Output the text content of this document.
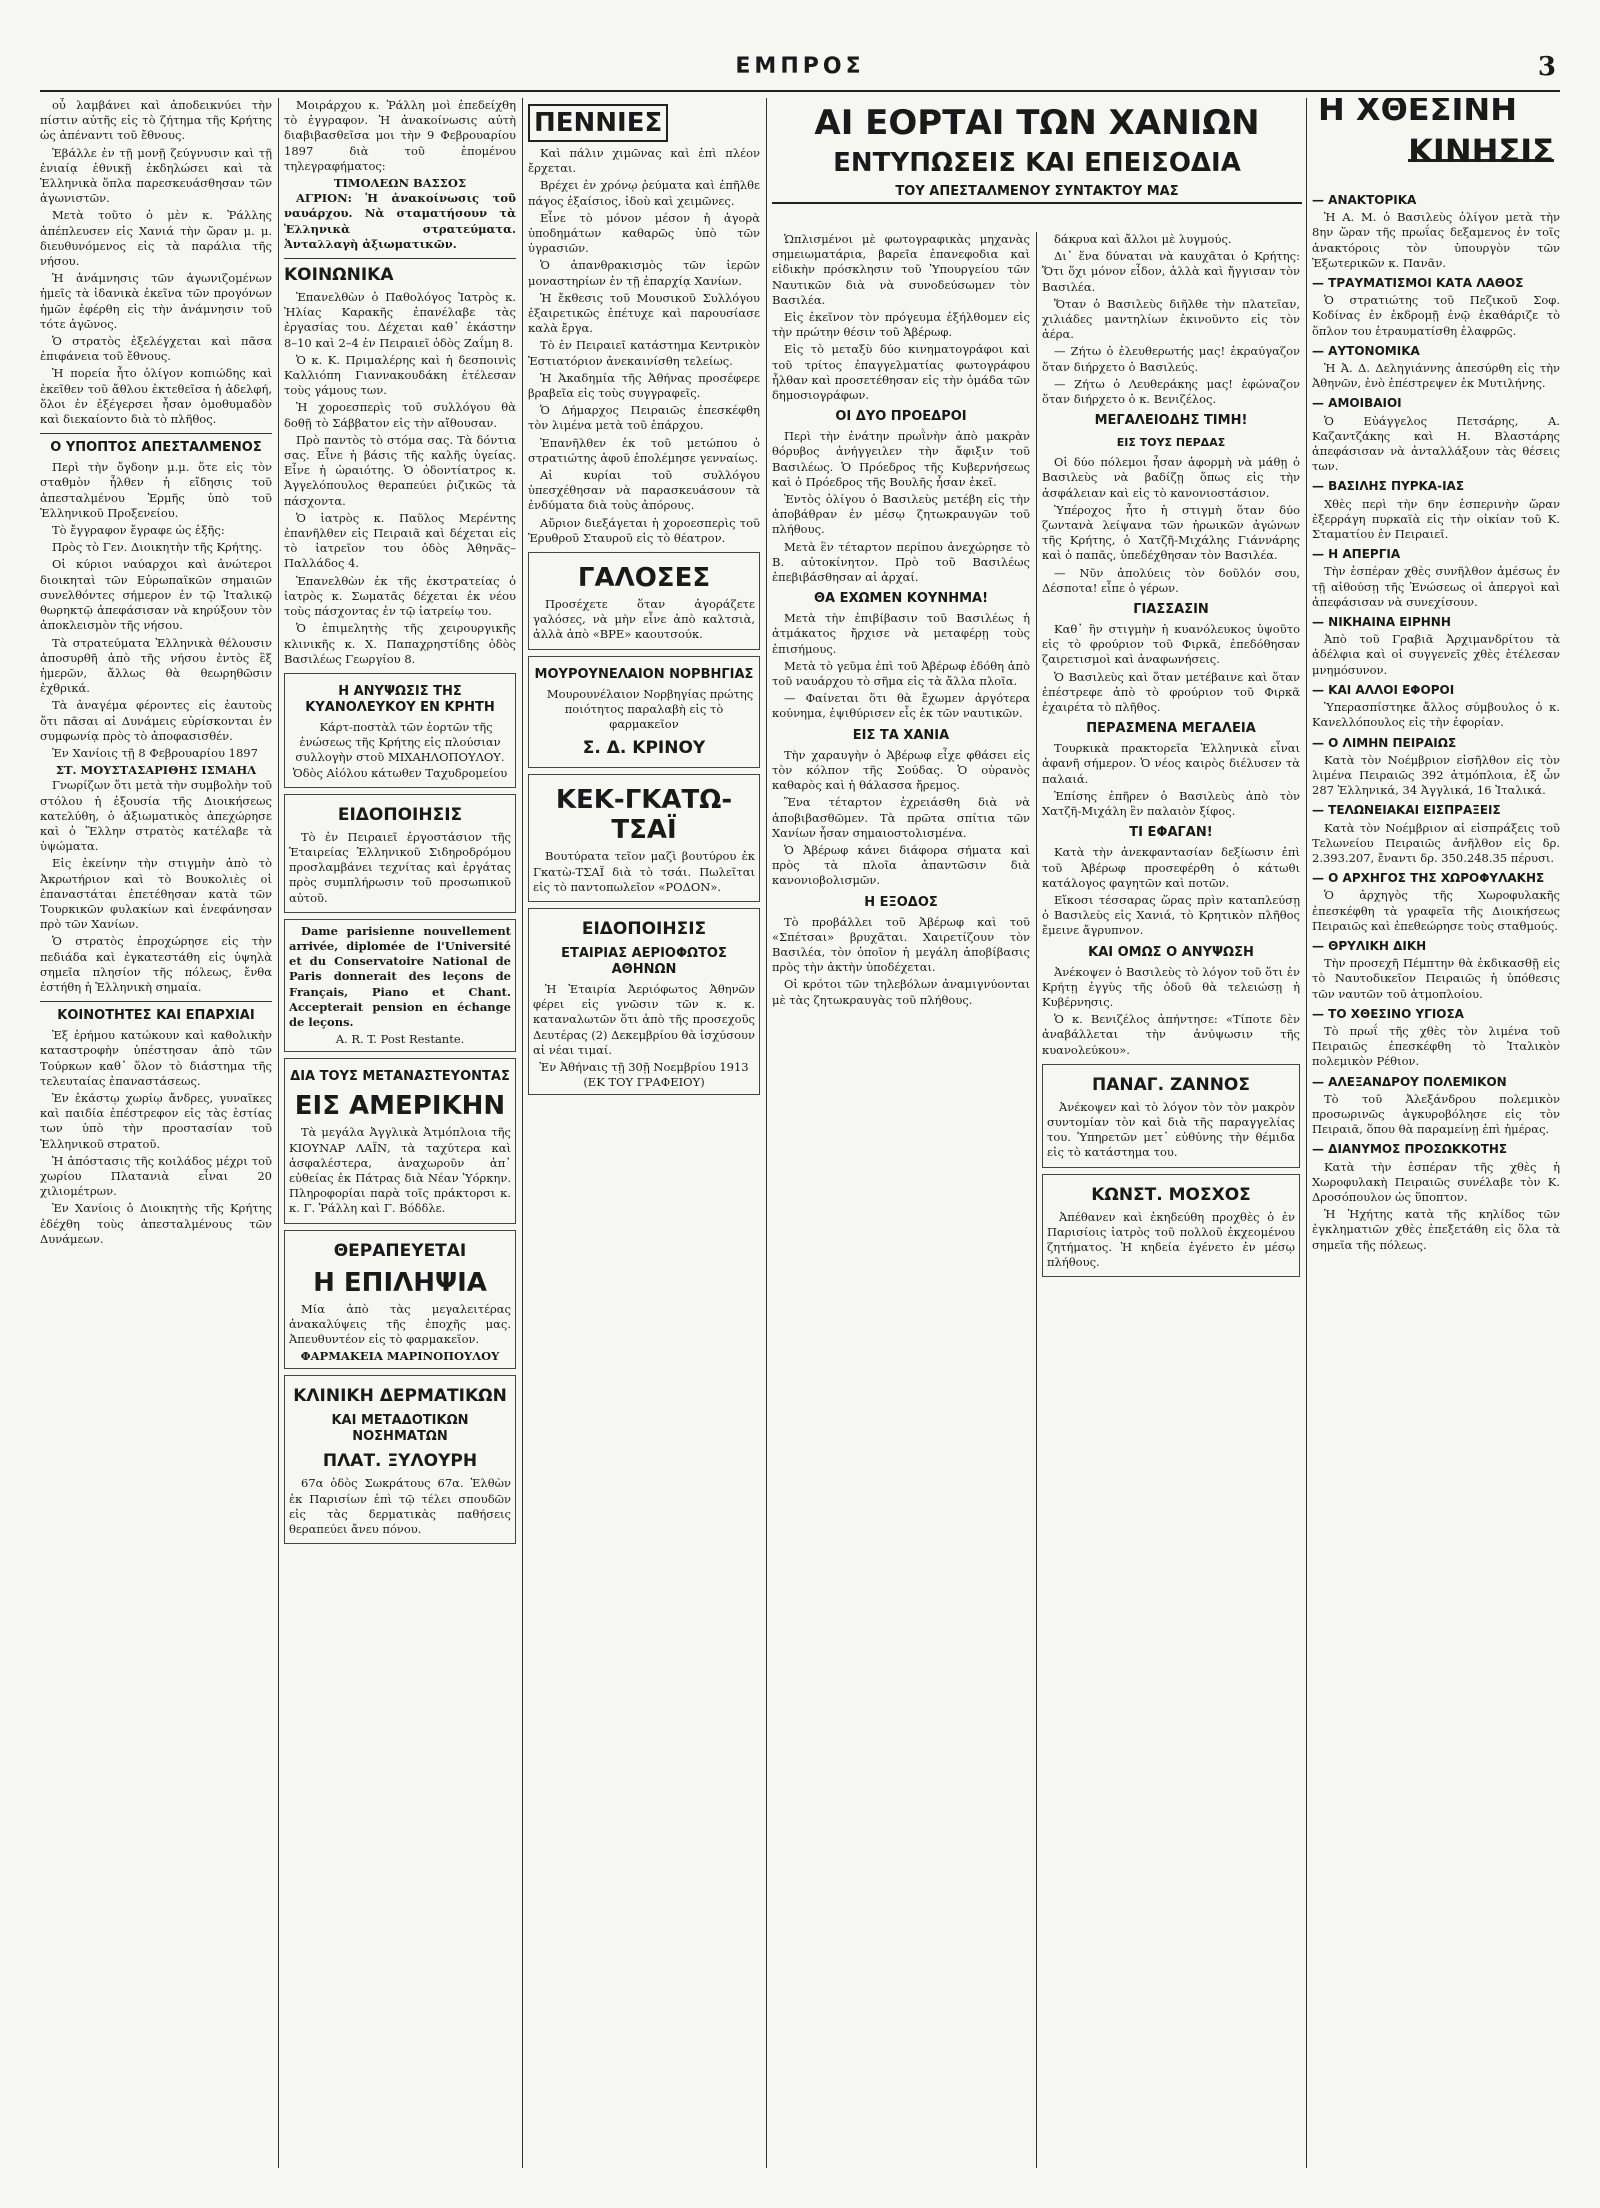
ΕΜΠΡΟΣ	3

οὖ λαμβάνει καὶ ἀποδεικνύει τὴν πίστιν αὐτῆς εἰς τὸ ζήτημα τῆς Κρήτης ὡς ἀπέναντι τοῦ ἔθνους.

Ἐβάλλε ἐν τῇ μονῇ ζεύγνυσιν καὶ τῇ ἐνιαίᾳ ἐθνικῇ ἐκδηλώσει καὶ τὰ Ἑλληνικὰ ὅπλα παρεσκευάσθησαν τῶν ἀγωνιστῶν.

Μετὰ τοῦτο ὁ μὲν κ. Ῥάλλης ἀπέπλευσεν εἰς Χανιά τὴν ὥραν μ. μ. διευθυνόμενος εἰς τὰ παράλια τῆς νήσου.

Ἡ ἀνάμνησις τῶν ἀγωνιζομένων ἡμεῖς τὰ ἰδανικὰ ἐκεῖνα τῶν προγόνων ἡμῶν ἐφέρθη εἰς τὴν ἀνάμνησιν τοῦ τότε ἀγῶνος.

Ὁ στρατὸς ἐξελέγχεται καὶ πᾶσα ἐπιφάνεια τοῦ ἔθνους.

Ἡ πορεία ἦτο ὀλίγον κοπιώδης καὶ ἐκεῖθεν τοῦ ἄθλου ἐκτεθεῖσα ἡ ἀδελφή, ὅλοι ἐν ἐξέγερσει ἦσαν ὁμοθυμαδὸν καὶ διεκαίοντο διὰ τὸ πλῆθος.

Ο ΥΠΟΠΤΟΣ ΑΠΕΣΤΑΛΜΕΝΟΣ

Περὶ τὴν ὄγδοην μ.μ. ὅτε εἰς τὸν σταθμὸν ἦλθεν ἡ εἴδησις τοῦ ἀπεσταλμένου Ἑρμῆς ὑπὸ τοῦ Ἑλληνικοῦ Προξενείου.

Τὸ ἔγγραφον ἔγραφε ὡς ἑξῆς:

Πρὸς τὸ Γεν. Διοικητὴν τῆς Κρήτης.

Οἱ κύριοι ναύαρχοι καὶ ἀνώτεροι διοικηταὶ τῶν Εὐρωπαϊκῶν σημαιῶν συνελθόντες σήμερον ἐν τῷ Ἰταλικῷ θωρηκτῷ ἀπεφάσισαν νὰ κηρύξουν τὸν ἀποκλεισμὸν τῆς νήσου.

Τὰ στρατεύματα Ἑλληνικὰ θέλουσιν ἀποσυρθῆ ἀπὸ τῆς νήσου ἐντὸς ἓξ ἡμερῶν, ἄλλως θὰ θεωρηθῶσιν ἐχθρικά.

Τὰ ἀναγέμα φέροντες εἰς ἑαυτοὺς ὅτι πᾶσαι αἱ Δυνάμεις εὑρίσκονται ἐν συμφωνίᾳ πρὸς τὸ ἀποφασισθέν.

Ἐν Χανίοις τῇ 8 Φεβρουαρίου 1897

ΣΤ. ΜΟΥΣΤΑΣΑΡΙΘΗΣ ΙΣΜΑΗΛ

Γνωρίζων ὅτι μετὰ τὴν συμβολὴν τοῦ στόλου ἡ ἐξουσία τῆς Διοικήσεως κατελύθη, ὁ ἀξιωματικὸς ἀπεχώρησε καὶ ὁ Ἕλλην στρατὸς κατέλαβε τὰ ὑψώματα.

Εἰς ἐκείνην τὴν στιγμὴν ἀπὸ τὸ Ἀκρωτήριον καὶ τὸ Βουκολιὲς οἱ ἐπαναστάται ἐπετέθησαν κατὰ τῶν Τουρκικῶν φυλακίων καὶ ἐνεφάνησαν πρὸ τῶν Χανίων.

Ὁ στρατὸς ἐπροχώρησε εἰς τὴν πεδιάδα καὶ ἐγκατεστάθη εἰς ὑψηλὰ σημεῖα πλησίον τῆς πόλεως, ἔνθα ἐστήθη ἡ Ἑλληνικὴ σημαία.

ΚΟΙΝΟΤΗΤΕΣ ΚΑΙ ΕΠΑΡΧΙΑΙ

Ἐξ ἐρήμου κατώκουν καὶ καθολικὴν καταστροφὴν ὑπέστησαν ἀπὸ τῶν Τούρκων καθ᾽ ὅλον τὸ διάστημα τῆς τελευταίας ἐπαναστάσεως.

Ἐν ἐκάστῳ χωρίῳ ἄνδρες, γυναῖκες καὶ παιδία ἐπέστρεφον εἰς τὰς ἑστίας των ὑπὸ τὴν προστασίαν τοῦ Ἑλληνικοῦ στρατοῦ.

Ἡ ἀπόστασις τῆς κοιλάδος μέχρι τοῦ χωρίου Πλατανιὰ εἶναι 20 χιλιομέτρων.

Ἐν Χανίοις ὁ Διοικητὴς τῆς Κρήτης ἐδέχθη τοὺς ἀπεσταλμένους τῶν Δυνάμεων.

Μοιράρχου κ. Ῥάλλη μοὶ ἐπεδείχθη τὸ ἐγγραφον. Ἡ ἀνακοίνωσις αὐτὴ διαβιβασθεῖσα μοι τὴν 9 Φεβρουαρίου 1897 διὰ τοῦ ἑπομένου τηλεγραφήματος:

ΤΙΜΟΛΕΩΝ ΒΑΣΣΟΣ

ΑΓΡΙΟΝ: Ἡ ἀνακοίνωσις τοῦ ναυάρχου. Νὰ σταματήσουν τὰ Ἑλληνικὰ στρατεύματα. Ἀνταλλαγὴ ἀξιωματικῶν.

ΚΟΙΝΩΝΙΚΑ

Ἐπανελθὼν ὁ Παθολόγος Ἰατρὸς κ. Ἠλίας Καρακῆς ἐπανέλαβε τὰς ἐργασίας του. Δέχεται καθ᾽ ἑκάστην 8–10 καὶ 2–4 ἐν Πειραιεῖ ὁδὸς Ζαΐμη 8.

Ὁ κ. Κ. Πριμαλέρης καὶ ἡ δεσποινὶς Καλλιόπη Γιαννακουδάκη ἐτέλεσαν τοὺς γάμους των.

Ἡ χοροεσπερὶς τοῦ συλλόγου θὰ δοθῇ τὸ Σάββατον εἰς τὴν αἴθουσαν.

Πρὸ παντὸς τὸ στόμα σας. Τὰ δόντια σας. Εἶνε ἡ βάσις τῆς καλῆς ὑγείας. Εἶνε ἡ ὡραιότης. Ὁ ὀδοντίατρος κ. Ἀγγελόπουλος θεραπεύει ῥιζικῶς τὰ πάσχοντα.

Ὁ ἰατρὸς κ. Παῦλος Μερέντης ἐπανῆλθεν εἰς Πειραιᾶ καὶ δέχεται εἰς τὸ ἰατρεῖον του ὁδὸς Ἀθηνᾶς–Παλλάδος 4.

Ἐπανελθὼν ἐκ τῆς ἐκστρατείας ὁ ἰατρὸς κ. Σωματᾶς δέχεται ἐκ νέου τοὺς πάσχοντας ἐν τῷ ἰατρείῳ του.

Ὁ ἐπιμελητὴς τῆς χειρουργικῆς κλινικῆς κ. Χ. Παπαχρηστίδης ὁδὸς Βασιλέως Γεωργίου 8.

Η ΑΝΥΨΩΣΙΣ ΤΗΣ ΚΥΑΝΟΛΕΥΚΟΥ ΕΝ ΚΡΗΤΗ

Κάρτ-ποστὰλ τῶν ἑορτῶν τῆς ἑνώσεως τῆς Κρήτης εἰς πλούσιαν συλλογὴν στοῦ ΜΙΧΑΗΛΟΠΟΥΛΟΥ. Ὁδὸς Αἰόλου κάτωθεν Ταχυδρομείου

ΕΙΔΟΠΟΙΗΣΙΣ

Τὸ ἐν Πειραιεῖ ἐργοστάσιον τῆς Ἑταιρείας Ἑλληνικοῦ Σιδηροδρόμου προσλαμβάνει τεχνίτας καὶ ἐργάτας πρὸς συμπλήρωσιν τοῦ προσωπικοῦ αὐτοῦ.

Dame parisienne nouvellement arrivée, diplomée de l'Université et du Conservatoire National de Paris donnerait des leçons de Français, Piano et Chant. Accepterait pension en échange de leçons.

A. R. T. Post Restante.
ΔΙΑ ΤΟΥΣ ΜΕΤΑΝΑΣΤΕΥΟΝΤΑΣ
ΕΙΣ ΑΜΕΡΙΚΗΝ

Τὰ μεγάλα Ἀγγλικὰ Ἀτμόπλοια τῆς ΚΙΟΥΝΑΡ ΛΑΪΝ, τὰ ταχύτερα καὶ ἀσφαλέστερα, ἀναχωροῦν ἀπ᾽ εὐθείας ἐκ Πάτρας διὰ Νέαν Ὑόρκην. Πληροφορίαι παρὰ τοῖς πράκτορσι κ. κ. Γ. Ῥάλλη καὶ Γ. Βόδδλε.

ΘΕΡΑΠΕΥΕΤΑΙ
Η ΕΠΙΛΗΨΙΑ

Μία ἀπὸ τὰς μεγαλειτέρας ἀνακαλύψεις τῆς ἐποχῆς μας. Ἀπευθυντέον εἰς τὸ φαρμακεῖον.

ΦΑΡΜΑΚΕΙΑ ΜΑΡΙΝΟΠΟΥΛΟΥ
ΚΛΙΝΙΚΗ ΔΕΡΜΑΤΙΚΩΝ
ΚΑΙ ΜΕΤΑΔΟΤΙΚΩΝ ΝΟΣΗΜΑΤΩΝ
ΠΛΑΤ. ΞΥΛΟΥΡΗ

67α ὁδὸς Σωκράτους 67α. Ἐλθὼν ἐκ Παρισίων ἐπὶ τῷ τέλει σπουδῶν εἰς τὰς δερματικὰς παθήσεις θεραπεύει ἄνευ πόνου.

ΠΕΝΝΙΕΣ

Καὶ πάλιν χιμῶνας καὶ ἐπὶ πλέον ἔρχεται.

Βρέχει ἐν χρόνῳ ῥεύματα καὶ ἐπῆλθε πάγος ἐξαίσιος, ἰδοὺ καὶ χειμῶνες.

Εἶνε τὸ μόνον μέσον ἡ ἀγορὰ ὑποδημάτων καθαρῶς ὑπὸ τῶν ὑγρασιῶν.

Ὁ ἀπανθρακισμὸς τῶν ἱερῶν μοναστηρίων ἐν τῇ ἐπαρχίᾳ Χανίων.

Ἡ ἔκθεσις τοῦ Μουσικοῦ Συλλόγου ἐξαιρετικῶς ἐπέτυχε καὶ παρουσίασε καλὰ ἔργα.

Τὸ ἐν Πειραιεῖ κατάστημα Κεντρικὸν Ἑστιατόριον ἀνεκαινίσθη τελείως.

Ἡ Ἀκαδημία τῆς Ἀθήνας προσέφερε βραβεῖα εἰς τοὺς συγγραφεῖς.

Ὁ Δήμαρχος Πειραιῶς ἐπεσκέφθη τὸν λιμένα μετὰ τοῦ ἐπάρχου.

Ἐπανῆλθεν ἐκ τοῦ μετώπου ὁ στρατιώτης ἀφοῦ ἐπολέμησε γενναίως.

Αἱ κυρίαι τοῦ συλλόγου ὑπεσχέθησαν νὰ παρασκευάσουν τὰ ἐνδύματα διὰ τοὺς ἀπόρους.

Αὔριον διεξάγεται ἡ χοροεσπερὶς τοῦ Ἐρυθροῦ Σταυροῦ εἰς τὸ θέατρον.

ΓΑΛΟΣΕΣ

Προσέχετε ὅταν ἀγοράζετε γαλόσες, νὰ μὴν εἶνε ἀπὸ καλτσιὰ, ἀλλὰ ἀπὸ «ΒΡΕ» καουτσούκ.

ΜΟΥΡΟΥΝΕΛΑΙΟΝ ΝΟΡΒΗΓΙΑΣ

Μουρουνέλαιον Νορβηγίας πρώτης ποιότητος παραλαβὴ εἰς τὸ φαρμακεῖον

Σ. Δ. ΚΡΙΝΟΥ
ΚΕΚ-ΓΚΑΤΩ-ΤΣΑΪ

Βουτύρατα τεῖον μαζὶ βουτύρου ἐκ Γκατὼ-ΤΣΑΪ διὰ τὸ τσάι. Πωλεῖται εἰς τὸ παντοπωλεῖον «ΡΟΔΟΝ».

ΕΙΔΟΠΟΙΗΣΙΣ
ΕΤΑΙΡΙΑΣ ΑΕΡΙΟΦΩΤΟΣ ΑΘΗΝΩΝ

Ἡ Ἐταιρία Ἀεριόφωτος Ἀθηνῶν φέρει εἰς γνῶσιν τῶν κ. κ. καταναλωτῶν ὅτι ἀπὸ τῆς προσεχοῦς Δευτέρας (2) Δεκεμβρίου θὰ ἰσχύσουν αἱ νέαι τιμαί.

Ἐν Ἀθήναις τῇ 30ῇ Νοεμβρίου 1913
(ΕΚ ΤΟΥ ΓΡΑΦΕΙΟΥ)
ΑΙ ΕΟΡΤΑΙ ΤΩΝ ΧΑΝΙΩΝ
ΕΝΤΥΠΩΣΕΙΣ ΚΑΙ ΕΠΕΙΣΟΔΙΑ
ΤΟΥ ΑΠΕΣΤΑΛΜΕΝΟΥ ΣΥΝΤΑΚΤΟΥ ΜΑΣ

Ὡπλισμένοι μὲ φωτογραφικὰς μηχανὰς σημειωματάρια, βαρεῖα ἐπανεφοδια καὶ εἰδικὴν πρόσκλησιν τοῦ Ὑπουργείου τῶν Ναυτικῶν διὰ νὰ συνοδεύσωμεν τὸν Βασιλέα.

Εἰς ἐκεῖνον τὸν πρόγευμα ἐξήλθομεν εἰς τὴν πρώτην θέσιν τοῦ Ἀβέρωφ.

Εἰς τὸ μεταξὺ δύο κινηματογράφοι καὶ τοῦ τρίτος ἐπαγγελματίας φωτογράφου ἦλθαν καὶ προσετέθησαν εἰς τὴν ὁμάδα τῶν δημοσιογράφων.

ΟΙ ΔΥΟ ΠΡΟΕΔΡΟΙ

Περὶ τὴν ἐνάτην πρωῒνὴν ἀπὸ μακρὰν θόρυβος ἀνήγγειλεν τὴν ἄφιξιν τοῦ Βασιλέως. Ὁ Πρόεδρος τῆς Κυβερνήσεως καὶ ὁ Πρόεδρος τῆς Βουλῆς ἦσαν ἐκεῖ.

Ἐντὸς ὀλίγου ὁ Βασιλεὺς μετέβη εἰς τὴν ἀποβάθραν ἐν μέσῳ ζητωκραυγῶν τοῦ πλήθους.

Μετὰ ἓν τέταρτον περίπου ἀνεχώρησε τὸ Β. αὐτοκίνητον. Πρὸ τοῦ Βασιλέως ἐπεβιβάσθησαν αἱ ἀρχαί.

ΘΑ ΕΧΩΜΕΝ ΚΟΥΝΗΜΑ!

Μετὰ τὴν ἐπιβίβασιν τοῦ Βασιλέως ἡ ἀτμάκατος ἤρχισε νὰ μεταφέρῃ τοὺς ἐπισήμους.

Μετὰ τὸ γεῦμα ἐπὶ τοῦ Ἀβέρωφ ἐδόθη ἀπὸ τοῦ ναυάρχου τὸ σῆμα εἰς τὰ ἄλλα πλοῖα.

— Φαίνεται ὅτι θὰ ἔχωμεν ἀργότερα κούνημα, ἐψιθύρισεν εἷς ἐκ τῶν ναυτικῶν.

ΕΙΣ ΤΑ ΧΑΝΙΑ

Τὴν χαραυγὴν ὁ Ἀβέρωφ εἶχε φθάσει εἰς τὸν κόλπον τῆς Σούδας. Ὁ οὐρανὸς καθαρὸς καὶ ἡ θάλασσα ἤρεμος.

Ἕνα τέταρτον ἐχρειάσθη διὰ νὰ ἀποβιβασθῶμεν. Τὰ πρῶτα σπίτια τῶν Χανίων ἦσαν σημαιοστολισμένα.

Ὁ Ἀβέρωφ κάνει διάφορα σήματα καὶ πρὸς τὰ πλοῖα ἀπαντῶσιν διὰ κανονιοβολισμῶν.

Η ΕΞΟΔΟΣ

Τὸ προβάλλει τοῦ Ἀβέρωφ καὶ τοῦ «Σπέτσαι» βρυχᾶται. Χαιρετίζουν τὸν Βασιλέα, τὸν ὁποῖον ἡ μεγάλη ἀποβίβασις πρὸς τὴν ἀκτὴν ὑποδέχεται.

Οἱ κρότοι τῶν τηλεβόλων ἀναμιγνύονται μὲ τὰς ζητωκραυγὰς τοῦ πλήθους.

δάκρυα καὶ ἄλλοι μὲ λυγμούς.

Δι᾽ ἕνα δύναται νὰ καυχᾶται ὁ Κρήτης: Ὅτι ὅχι μόνον εἶδον, ἀλλὰ καὶ ἤγγισαν τὸν Βασιλέα.

Ὅταν ὁ Βασιλεὺς διῆλθε τὴν πλατεῖαν, χιλιάδες μαντηλίων ἐκινοῦντο εἰς τὸν ἀέρα.

— Ζήτω ὁ ἐλευθερωτής μας! ἐκραύγαζον ὅταν διήρχετο ὁ Βασιλεύς.

— Ζήτω ὁ Λευθεράκης μας! ἐφώναζον ὅταν διήρχετο ὁ κ. Βενιζέλος.

ΜΕΓΑΛΕΙΟΔΗΣ ΤΙΜΗ!
ΕΙΣ ΤΟΥΣ ΠΕΡΔΑΣ

Οἱ δύο πόλεμοι ἦσαν ἀφορμὴ νὰ μάθῃ ὁ Βασιλεὺς νὰ βαδίζῃ ὅπως εἰς τὴν ἀσφάλειαν καὶ εἰς τὸ κανονιοστάσιον.

Ὑπέροχος ἦτο ἡ στιγμὴ ὅταν δύο ζωντανὰ λείψανα τῶν ἡρωικῶν ἀγώνων τῆς Κρήτης, ὁ Χατζῆ-Μιχάλης Γιάννάρης καὶ ὁ παπᾶς, ὑπεδέχθησαν τὸν Βασιλέα.

— Νῦν ἀπολύεις τὸν δοῦλόν σου, Δέσποτα! εἶπε ὁ γέρων.

ΓΙΑΣΣΑΣΙΝ

Καθ᾽ ἣν στιγμὴν ἡ κυανόλευκος ὑψοῦτο εἰς τὸ φρούριον τοῦ Φιρκᾶ, ἐπεδόθησαν ζαιρετισμοὶ καὶ ἀναφωνήσεις.

Ὁ Βασιλεὺς καὶ ὅταν μετέβαινε καὶ ὅταν ἐπέστρεφε ἀπὸ τὸ φρούριον τοῦ Φιρκᾶ ἐχαιρέτα τὸ πλῆθος.

ΠΕΡΑΣΜΕΝΑ ΜΕΓΑΛΕΙΑ

Τουρκικὰ πρακτορεῖα Ἑλληνικὰ εἶναι ἀφανῆ σήμερον. Ὁ νέος καιρὸς διέλυσεν τὰ παλαιά.

Ἐπίσης ἐπῆρεν ὁ Βασιλεὺς ἀπὸ τὸν Χατζῆ-Μιχάλη ἓν παλαιὸν ξίφος.

ΤΙ ΕΦΑΓΑΝ!

Κατὰ τὴν ἀνεκφαντασίαν δεξίωσιν ἐπὶ τοῦ Ἀβέρωφ προσεφέρθη ὁ κάτωθι κατάλογος φαγητῶν καὶ ποτῶν.

Εἴκοσι τέσσαρας ὥρας πρὶν καταπλεύσῃ ὁ Βασιλεὺς εἰς Χανιά, τὸ Κρητικὸν πλῆθος ἔμεινε ἄγρυπνον.

ΚΑΙ ΟΜΩΣ Ο ΑΝΥΨΩΣΗ

Ἀνέκοψεν ὁ Βασιλεὺς τὸ λόγον τοῦ ὅτι ἐν Κρήτῃ ἐγγὺς τῆς ὁδοῦ θὰ τελειώσῃ ἡ Κυβέρνησις.

Ὁ κ. Βενιζέλος ἀπήντησε: «Τίποτε δὲν ἀναβάλλεται τὴν ἀνύψωσιν τῆς κυανολεύκου».

ΠΑΝΑΓ. ΖΑΝΝΟΣ

Ἀνέκοψεν καὶ τὸ λόγον τὸν τὸν μακρὸν συντομίαν τὸν καὶ διὰ τῆς παραγγελίας του. Ὑπηρετῶν μετ᾽ εὐθύνης τὴν θέμιδα εἰς τὸ κατάστημα του.

ΚΩΝΣΤ. ΜΟΣΧΟΣ

Ἀπέθανεν καὶ ἐκηδεύθη προχθὲς ὁ ἐν Παρισίοις ἰατρὸς τοῦ πολλοῦ ἐκχεομένου ζητήματος. Ἡ κηδεία ἐγένετο ἐν μέσῳ πλήθους.

Η ΧΘΕΣΙΝΗ
ΚΙΝΗΣΙΣ
— ΑΝΑΚΤΟΡΙΚΑ

Ἡ Α. Μ. ὁ Βασιλεὺς ὀλίγον μετὰ τὴν 8ην ὥραν τῆς πρωΐας δεξαμενος ἐν τοῖς ἀνακτόροις τὸν ὑπουργὸν τῶν Ἐξωτερικῶν κ. Πανᾶν.

— ΤΡΑΥΜΑΤΙΣΜΟΙ ΚΑΤΑ ΛΑΘΟΣ

Ὁ στρατιώτης τοῦ Πεζικοῦ Σοφ. Κοδίνας ἐν ἐκδρομῇ ἐνῷ ἐκαθάριζε τὸ ὅπλον του ἐτραυματίσθη ἐλαφρῶς.

— ΑΥΤΟΝΟΜΙΚΑ

Ἡ Ἀ. Δ. Δεληγιάννης ἀπεσύρθη εἰς τὴν Ἀθηνῶν, ἐνὸ ἐπέστρεψεν ἐκ Μυτιλήνης.

— ΑΜΟΙΒΑΙΟΙ

Ὁ Εὐάγγελος Πετσάρης, Α. Καζαντζάκης καὶ Η. Βλαστάρης ἀπεφάσισαν νὰ ἀνταλλάξουν τὰς θέσεις των.

— ΒΑΣΙΛΗΣ ΠΥΡΚΑ-ΙΑΣ

Χθὲς περὶ τὴν 6ην ἑσπερινὴν ὥραν ἐξερράγη πυρκαϊὰ εἰς τὴν οἰκίαν τοῦ Κ. Σταματίου ἐν Πειραιεῖ.

— Η ΑΠΕΡΓΙΑ

Τὴν ἑσπέραν χθὲς συνῆλθον ἀμέσως ἐν τῇ αἰθούσῃ τῆς Ἐνώσεως οἱ ἀπεργοὶ καὶ ἀπεφάσισαν νὰ συνεχίσουν.

— ΝΙΚΗΑΙΝΑ ΕΙΡΗΝΗ

Ἀπὸ τοῦ Γραβιᾶ Ἀρχιμανδρίτου τὰ ἀδέλφια καὶ οἱ συγγενεῖς χθὲς ἐτέλεσαν μνημόσυνον.

— ΚΑΙ ΑΛΛΟΙ ΕΦΟΡΟΙ

Ὑπερασπίστηκε ἄλλος σύμβουλος ὁ κ. Κανελλόπουλος εἰς τὴν ἐφορίαν.

— Ο ΛΙΜΗΝ ΠΕΙΡΑΙΩΣ

Κατὰ τὸν Νοέμβριον εἰσῆλθον εἰς τὸν λιμένα Πειραιῶς 392 ἀτμόπλοια, ἐξ ὧν 287 Ἑλληνικά, 34 Ἀγγλικά, 16 Ἰταλικά.

— ΤΕΛΩΝΕΙΑΚΑΙ ΕΙΣΠΡΑΞΕΙΣ

Κατὰ τὸν Νοέμβριον αἱ εἰσπράξεις τοῦ Τελωνείου Πειραιῶς ἀνῆλθον εἰς δρ. 2.393.207, ἔναντι δρ. 350.248.35 πέρυσι.

— Ο ΑΡΧΗΓΟΣ ΤΗΣ ΧΩΡΟΦΥΛΑΚΗΣ

Ὁ ἀρχηγὸς τῆς Χωροφυλακῆς ἐπεσκέφθη τὰ γραφεῖα τῆς Διοικήσεως Πειραιῶς καὶ ἐπεθεώρησε τοὺς σταθμούς.

— ΘΡΥΛΙΚΗ ΔΙΚΗ

Τὴν προσεχῆ Πέμπτην θὰ ἐκδικασθῇ εἰς τὸ Ναυτοδικεῖον Πειραιῶς ἡ ὑπόθεσις τῶν ναυτῶν τοῦ ἀτμοπλοίου.

— ΤΟ ΧΘΕΣΙΝΟ ΥΓΙΟΣΑ

Τὸ πρωΐ τῆς χθὲς τὸν λιμένα τοῦ Πειραιῶς ἐπεσκέφθη τὸ Ἰταλικὸν πολεμικὸν Ρέθιον.

— ΑΛΕΞΑΝΔΡΟΥ ΠΟΛΕΜΙΚΟΝ

Τὸ τοῦ Ἀλεξάνδρου πολεμικὸν προσωρινῶς ἀγκυροβόλησε εἰς τὸν Πειραιᾶ, ὅπου θὰ παραμείνῃ ἐπὶ ἡμέρας.

— ΔΙΑΝΥΜΟΣ ΠΡΟΣΩΚΚΟΤΗΣ

Κατὰ τὴν ἑσπέραν τῆς χθὲς ἡ Χωροφυλακὴ Πειραιῶς συνέλαβε τὸν Κ. Δροσόπουλον ὡς ὕποπτον.

Ἡ Ἡχήτης κατὰ τῆς κηλίδος τῶν ἐγκληματιῶν χθὲς ἐπεξετάθη εἰς ὅλα τὰ σημεῖα τῆς πόλεως.
